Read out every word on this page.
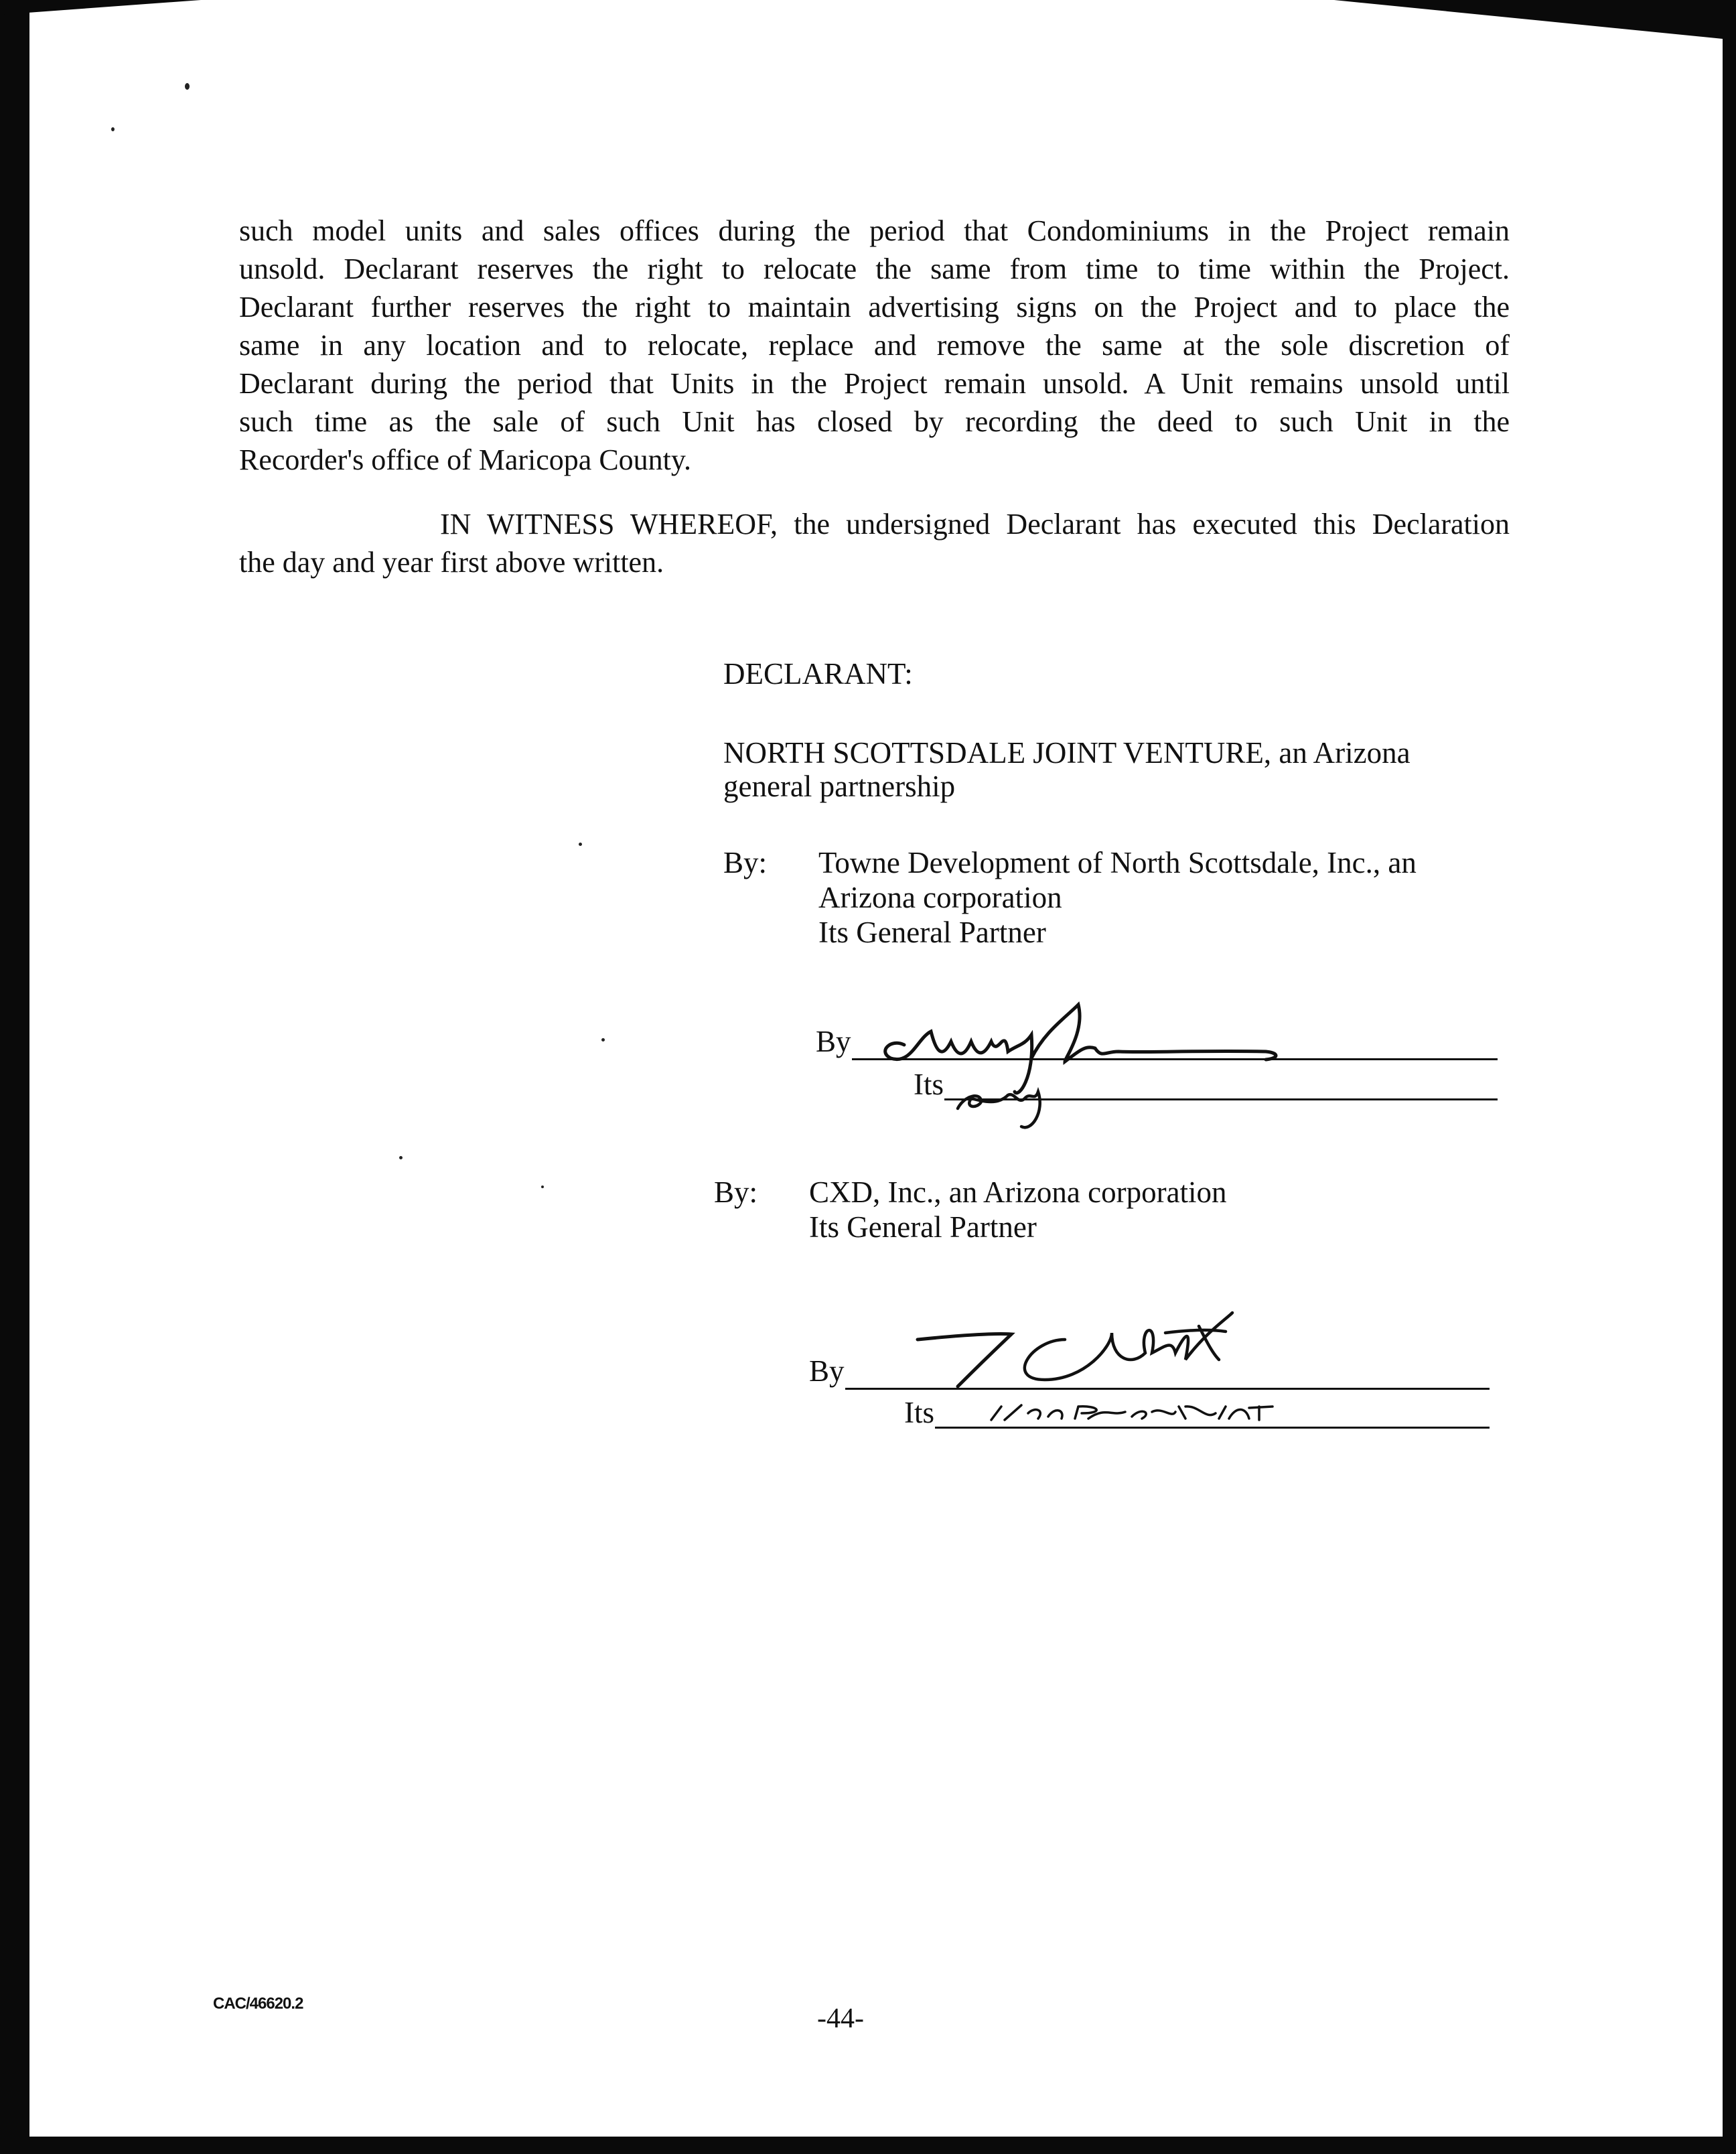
such model units and sales offices during the period that Condominiums in the Project remain
unsold. Declarant reserves the right to relocate the same from time to time within the Project.
Declarant further reserves the right to maintain advertising signs on the Project and to place the
same in any location and to relocate, replace and remove the same at the sole discretion of
Declarant during the period that Units in the Project remain unsold. A Unit remains unsold until
such time as the sale of such Unit has closed by recording the deed to such Unit in the
Recorder's office of Maricopa County.
IN WITNESS WHEREOF, the undersigned Declarant has executed this Declaration
the day and year first above written.
DECLARANT:
NORTH SCOTTSDALE JOINT VENTURE, an Arizona
general partnership
By: Towne Development of North Scottsdale, Inc., an
Arizona corporation
Its General Partner
By
Its
By: CXD, Inc., an Arizona corporation
Its General Partner
By
Its
CAC/46620.2	-44-
